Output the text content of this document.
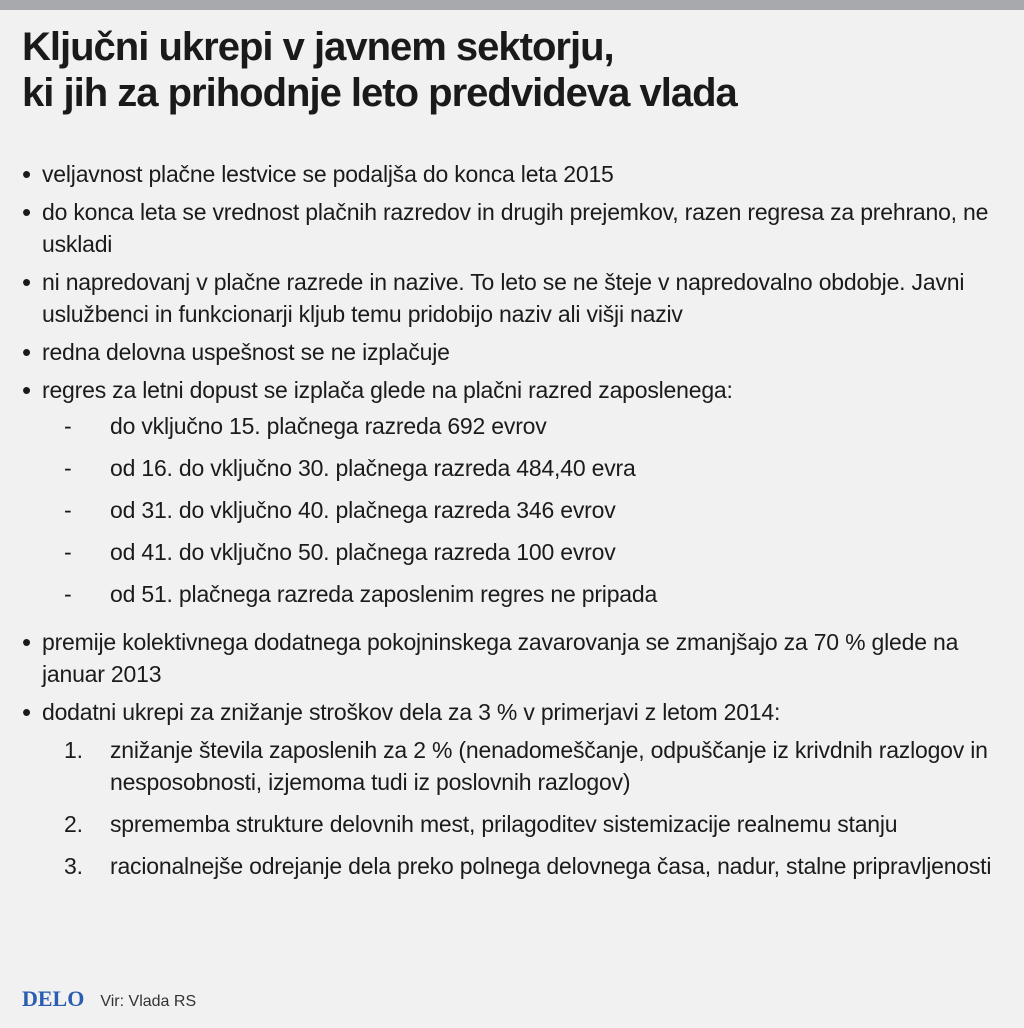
Ključni ukrepi v javnem sektorju,
ki jih za prihodnje leto predvideva vlada
• veljavnost plačne lestvice se podaljša do konca leta 2015
• do konca leta se vrednost plačnih razredov in drugih prejemkov, razen regresa za prehrano, ne uskladi
• ni napredovanj v plačne razrede in nazive. To leto se ne šteje v napredovalno obdobje. Javni uslužbenci in funkcionarji kljub temu pridobijo naziv ali višji naziv
• redna delovna uspešnost se ne izplačuje
• regres za letni dopust se izplača glede na plačni razred zaposlenega:
- do vključno 15. plačnega razreda 692 evrov
- od 16. do vključno 30. plačnega razreda 484,40 evra
- od 31. do vključno 40. plačnega razreda 346 evrov
- od 41. do vključno 50. plačnega razreda 100 evrov
- od 51. plačnega razreda zaposlenim regres ne pripada
• premije kolektivnega dodatnega pokojninskega zavarovanja se zmanjšajo za 70 % glede na januar 2013
• dodatni ukrepi za znižanje stroškov dela za 3 % v primerjavi z letom 2014:
1. znižanje števila zaposlenih za 2 % (nenadomeščanje, odpuščanje iz krivdnih razlogov in nesposobnosti, izjemoma tudi iz poslovnih razlogov)
2. sprememba strukture delovnih mest, prilagoditev sistemizacije realnemu stanju
3. racionalnejše odrejanje dela preko polnega delovnega časa, nadur, stalne pripravljenosti
DELO Vir: Vlada RS
